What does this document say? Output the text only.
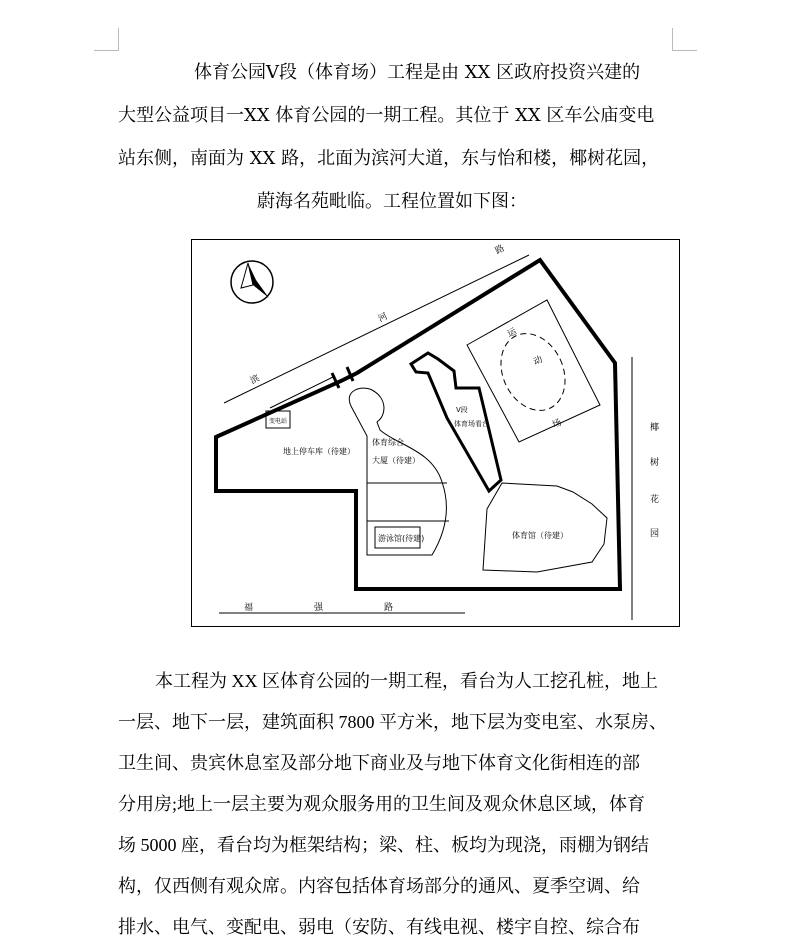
体育公园Ⅴ段（体育场）工程是由 XX 区政府投资兴建的
大型公益项目一XX 体育公园的一期工程。其位于 XX 区车公庙变电
站东侧，南面为 XX 路，北面为滨河大道，东与怡和楼，椰树花园，
蔚海名苑毗临。工程位置如下图：
滨
河
路
变电站
地上停车库（待建）
体育综合
大厦（待建）
游泳馆(待建)
V段
体育场看台
运
动
场
体育馆（待建）
椰
树
花
园
福	强	路
本工程为 XX 区体育公园的一期工程，看台为人工挖孔桩，地上
一层、地下一层，建筑面积 7800 平方米，地下层为变电室、水泵房、
卫生间、贵宾休息室及部分地下商业及与地下体育文化街相连的部
分用房;地上一层主要为观众服务用的卫生间及观众休息区域，体育
场 5000 座，看台均为框架结构；梁、柱、板均为现浇，雨棚为钢结
构，仅西侧有观众席。内容包括体育场部分的通风、夏季空调、给
排水、电气、变配电、弱电（安防、有线电视、楼宇自控、综合布
